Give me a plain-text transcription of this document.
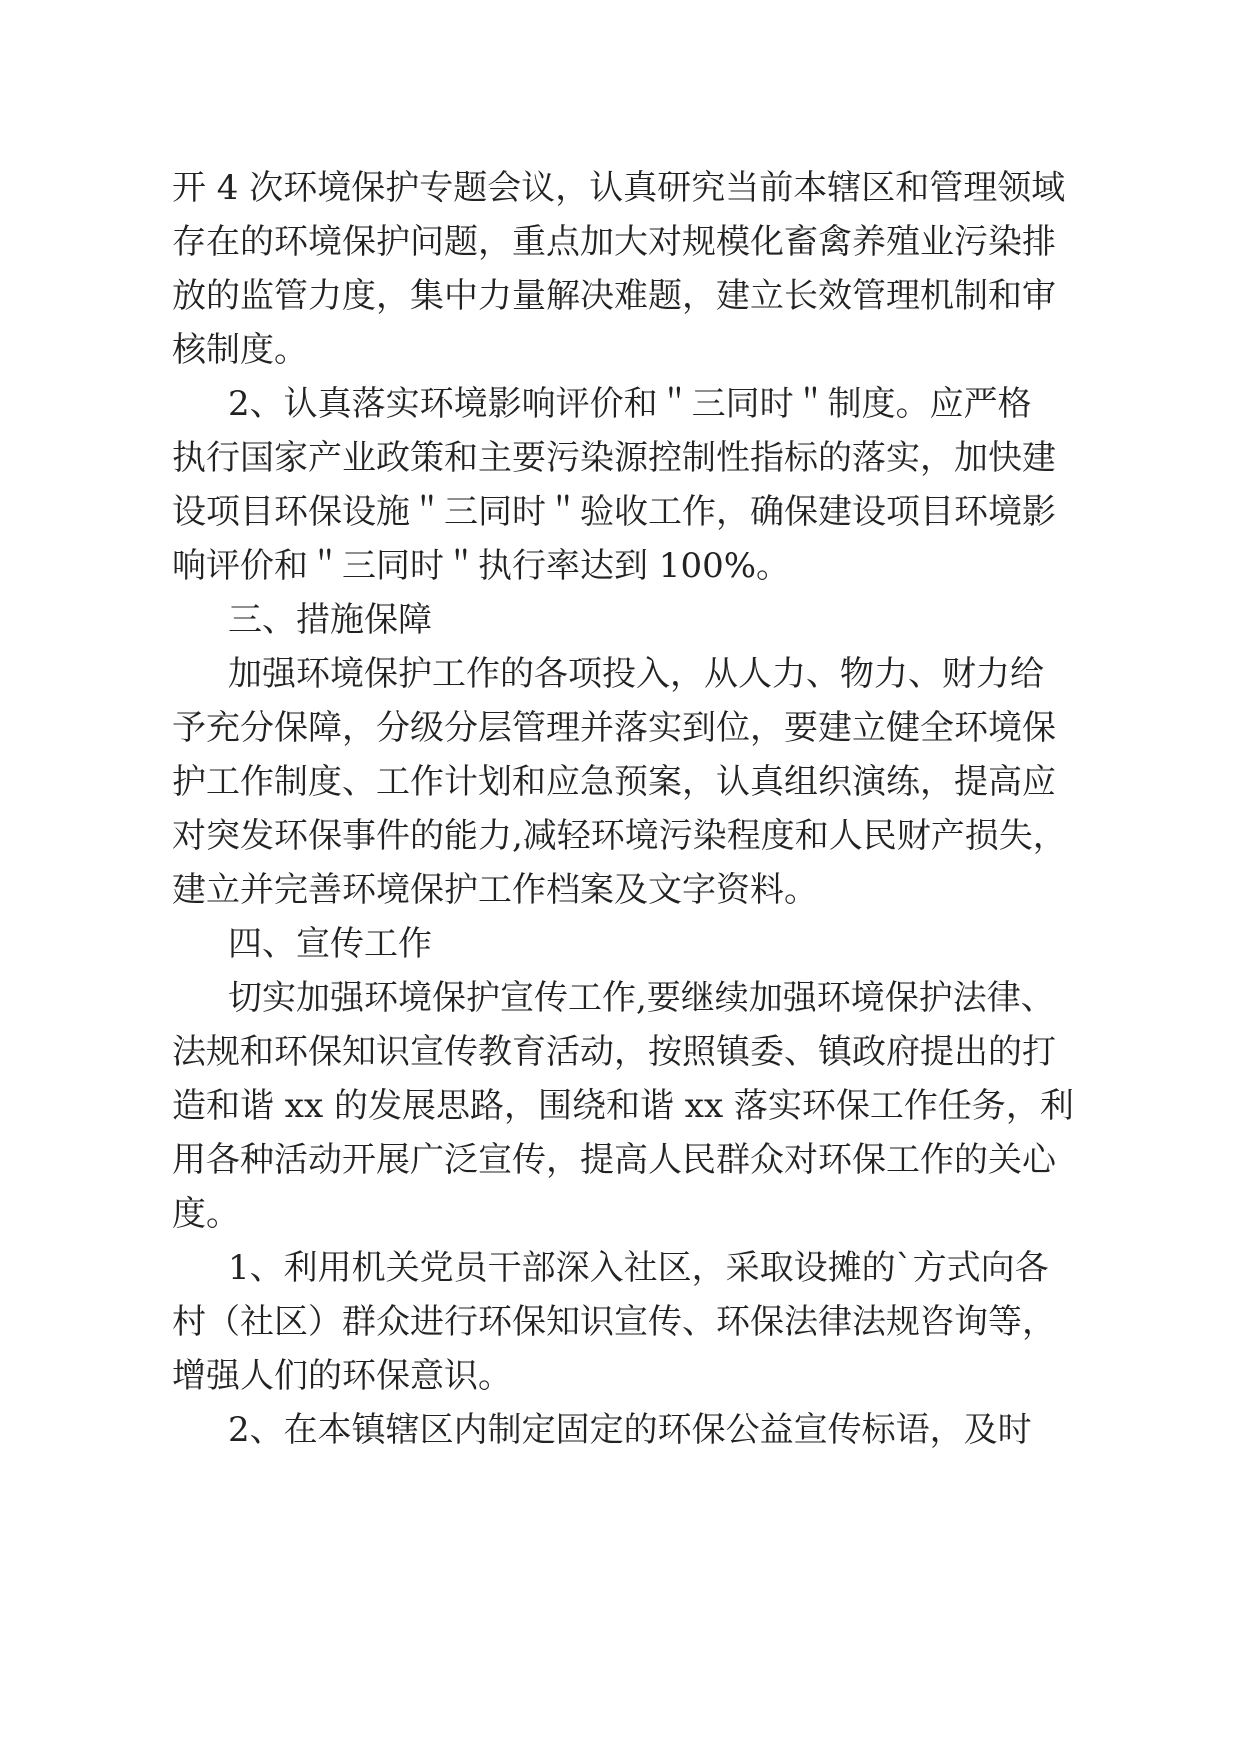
开 4 次环境保护专题会议，认真研究当前本辖区和管理领域
存在的环境保护问题，重点加大对规模化畜禽养殖业污染排
放的监管力度，集中力量解决难题，建立长效管理机制和审
核制度。
2、认真落实环境影响评价和＂三同时＂制度。应严格
执行国家产业政策和主要污染源控制性指标的落实，加快建
设项目环保设施＂三同时＂验收工作，确保建设项目环境影
响评价和＂三同时＂执行率达到 100%。
三、措施保障
加强环境保护工作的各项投入，从人力、物力、财力给
予充分保障，分级分层管理并落实到位，要建立健全环境保
护工作制度、工作计划和应急预案，认真组织演练，提高应
对突发环保事件的能力,减轻环境污染程度和人民财产损失，
建立并完善环境保护工作档案及文字资料。
四、宣传工作
切实加强环境保护宣传工作,要继续加强环境保护法律、
法规和环保知识宣传教育活动，按照镇委、镇政府提出的打
造和谐 xx 的发展思路，围绕和谐 xx 落实环保工作任务，利
用各种活动开展广泛宣传，提高人民群众对环保工作的关心
度。
1、利用机关党员干部深入社区，采取设摊的`方式向各
村（社区）群众进行环保知识宣传、环保法律法规咨询等，
增强人们的环保意识。
2、在本镇辖区内制定固定的环保公益宣传标语，及时
